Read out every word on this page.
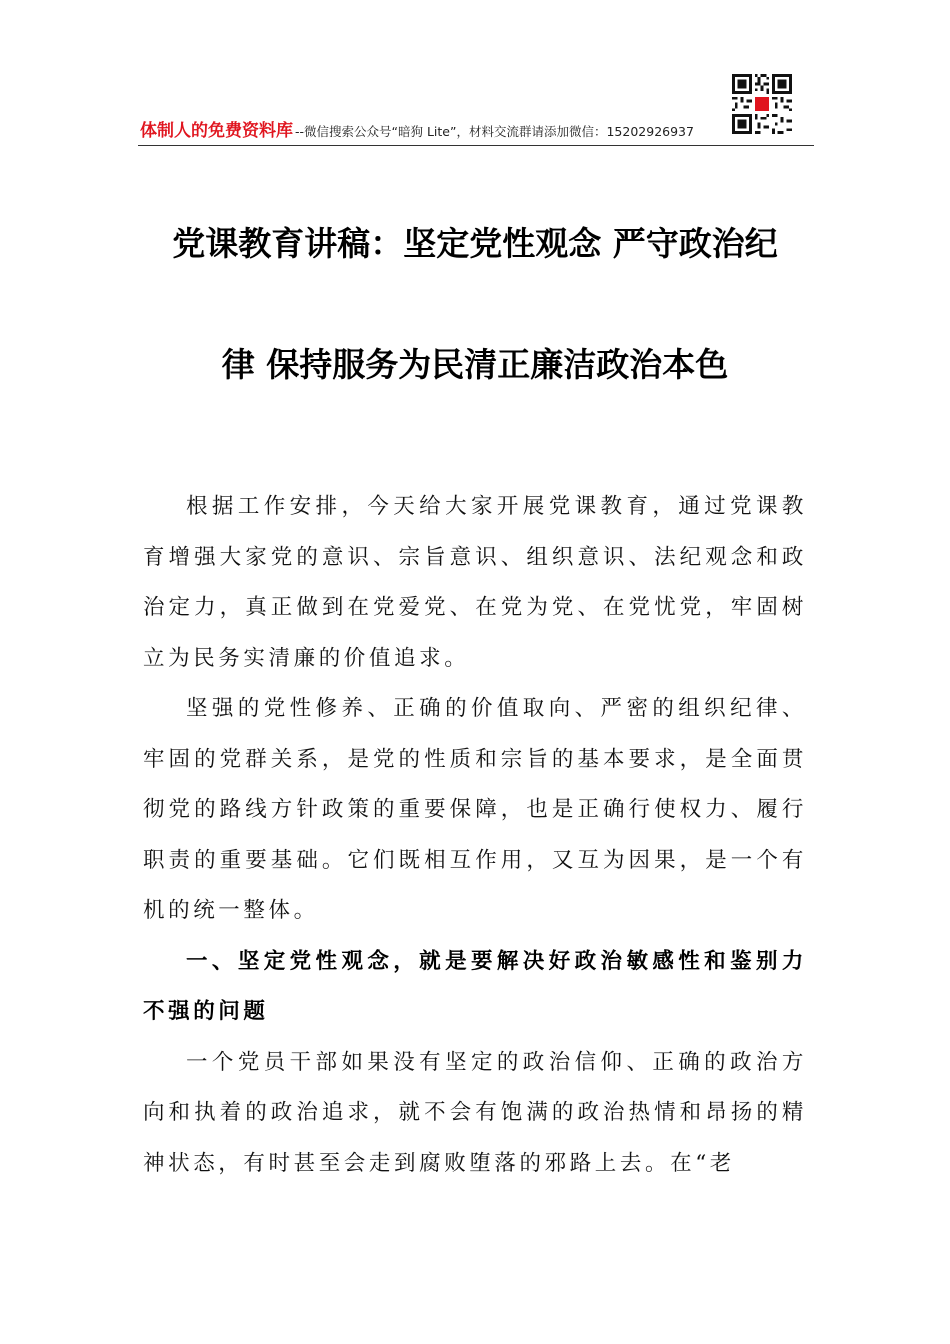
体制人的免费资料库 --微信搜索公众号“暗狗 Lite”，材料交流群请添加微信：15202926937
党课教育讲稿：坚定党性观念 严守政治纪
律 保持服务为民清正廉洁政治本色

根据工作安排，今天给大家开展党课教育，通过党课教育增强大家党的意识、宗旨意识、组织意识、法纪观念和政治定力，真正做到在党爱党、在党为党、在党忧党，牢固树立为民务实清廉的价值追求。

坚强的党性修养、正确的价值取向、严密的组织纪律、牢固的党群关系，是党的性质和宗旨的基本要求，是全面贯彻党的路线方针政策的重要保障，也是正确行使权力、履行职责的重要基础。它们既相互作用，又互为因果，是一个有机的统一整体。

一、坚定党性观念，就是要解决好政治敏感性和鉴别力不强的问题

一个党员干部如果没有坚定的政治信仰、正确的政治方向和执着的政治追求，就不会有饱满的政治热情和昂扬的精神状态，有时甚至会走到腐败堕落的邪路上去。在“老
